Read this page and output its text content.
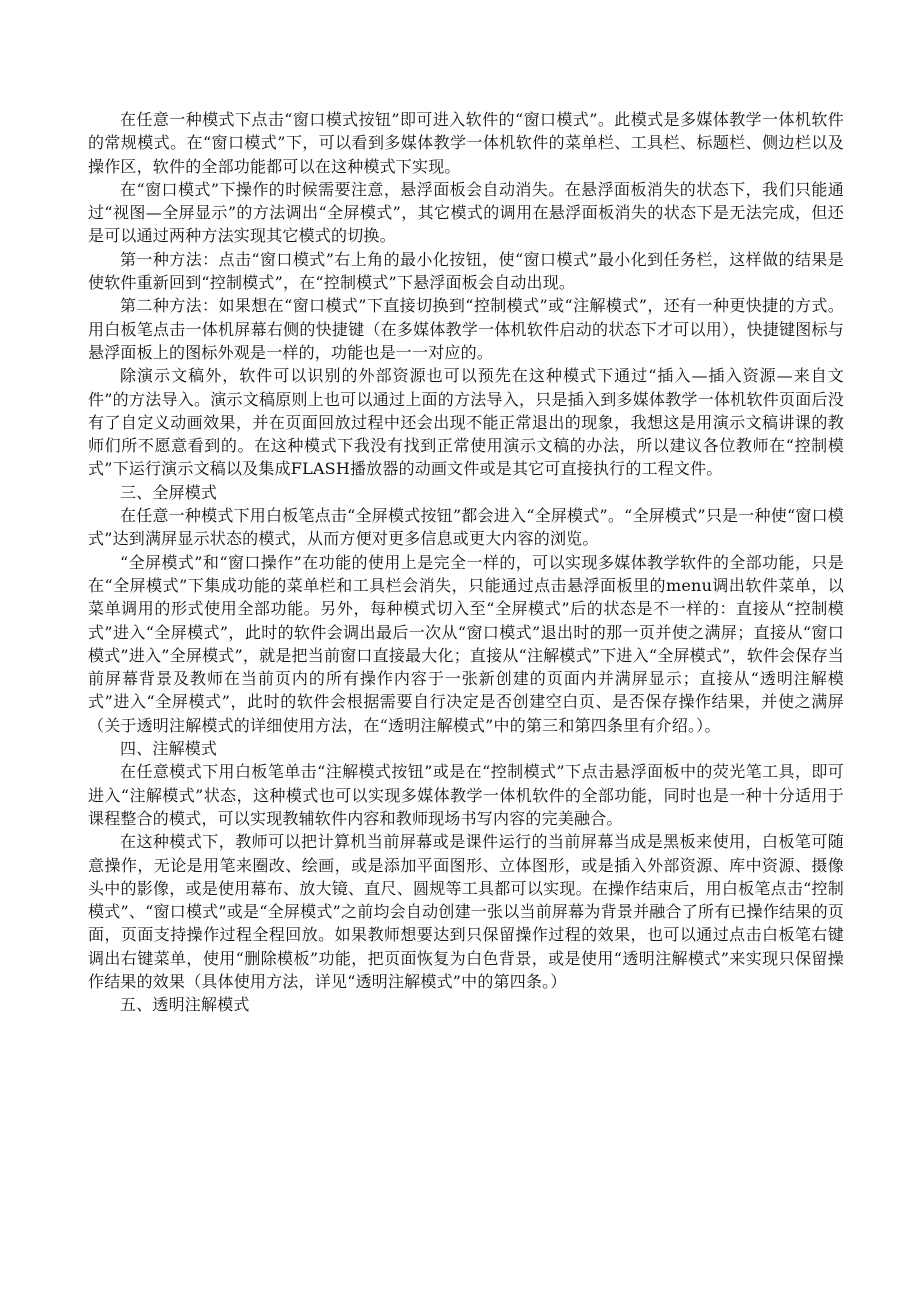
在任意一种模式下点击“窗口模式按钮”即可进入软件的“窗口模式”。此模式是多媒体教学一体机软件的常规模式。在“窗口模式”下，可以看到多媒体教学一体机软件的菜单栏、工具栏、标题栏、侧边栏以及操作区，软件的全部功能都可以在这种模式下实现。

在“窗口模式”下操作的时候需要注意，悬浮面板会自动消失。在悬浮面板消失的状态下，我们只能通过“视图—全屏显示”的方法调出“全屏模式”，其它模式的调用在悬浮面板消失的状态下是无法完成，但还是可以通过两种方法实现其它模式的切换。

第一种方法：点击“窗口模式”右上角的最小化按钮，使“窗口模式”最小化到任务栏，这样做的结果是使软件重新回到“控制模式”，在“控制模式”下悬浮面板会自动出现。

第二种方法：如果想在“窗口模式”下直接切换到“控制模式”或“注解模式”，还有一种更快捷的方式。用白板笔点击一体机屏幕右侧的快捷键（在多媒体教学一体机软件启动的状态下才可以用），快捷键图标与悬浮面板上的图标外观是一样的，功能也是一一对应的。

除演示文稿外，软件可以识别的外部资源也可以预先在这种模式下通过“插入—插入资源—来自文件”的方法导入。演示文稿原则上也可以通过上面的方法导入，只是插入到多媒体教学一体机软件页面后没有了自定义动画效果，并在页面回放过程中还会出现不能正常退出的现象，我想这是用演示文稿讲课的教师们所不愿意看到的。在这种模式下我没有找到正常使用演示文稿的办法，所以建议各位教师在“控制模式”下运行演示文稿以及集成FLASH播放器的动画文件或是其它可直接执行的工程文件。

三、全屏模式

在任意一种模式下用白板笔点击“全屏模式按钮”都会进入“全屏模式”。“全屏模式”只是一种使“窗口模式”达到满屏显示状态的模式，从而方便对更多信息或更大内容的浏览。

“全屏模式”和“窗口操作”在功能的使用上是完全一样的，可以实现多媒体教学软件的全部功能，只是在“全屏模式”下集成功能的菜单栏和工具栏会消失，只能通过点击悬浮面板里的menu调出软件菜单，以菜单调用的形式使用全部功能。另外，每种模式切入至“全屏模式”后的状态是不一样的：直接从“控制模式”进入“全屏模式”，此时的软件会调出最后一次从“窗口模式”退出时的那一页并使之满屏；直接从“窗口模式”进入”全屏模式”，就是把当前窗口直接最大化；直接从“注解模式”下进入“全屏模式”，软件会保存当前屏幕背景及教师在当前页内的所有操作内容于一张新创建的页面内并满屏显示；直接从“透明注解模式”进入“全屏模式”，此时的软件会根据需要自行决定是否创建空白页、是否保存操作结果，并使之满屏（关于透明注解模式的详细使用方法，在“透明注解模式”中的第三和第四条里有介绍。）。

四、注解模式

在任意模式下用白板笔单击“注解模式按钮”或是在“控制模式”下点击悬浮面板中的荧光笔工具，即可进入“注解模式”状态，这种模式也可以实现多媒体教学一体机软件的全部功能，同时也是一种十分适用于课程整合的模式，可以实现教辅软件内容和教师现场书写内容的完美融合。

在这种模式下，教师可以把计算机当前屏幕或是课件运行的当前屏幕当成是黑板来使用，白板笔可随意操作，无论是用笔来圈改、绘画，或是添加平面图形、立体图形，或是插入外部资源、库中资源、摄像头中的影像，或是使用幕布、放大镜、直尺、圆规等工具都可以实现。在操作结束后，用白板笔点击“控制模式”、“窗口模式”或是“全屏模式”之前均会自动创建一张以当前屏幕为背景并融合了所有已操作结果的页面，页面支持操作过程全程回放。如果教师想要达到只保留操作过程的效果，也可以通过点击白板笔右键调出右键菜单，使用“删除模板”功能，把页面恢复为白色背景，或是使用“透明注解模式”来实现只保留操作结果的效果（具体使用方法，详见“透明注解模式”中的第四条。）

五、透明注解模式
